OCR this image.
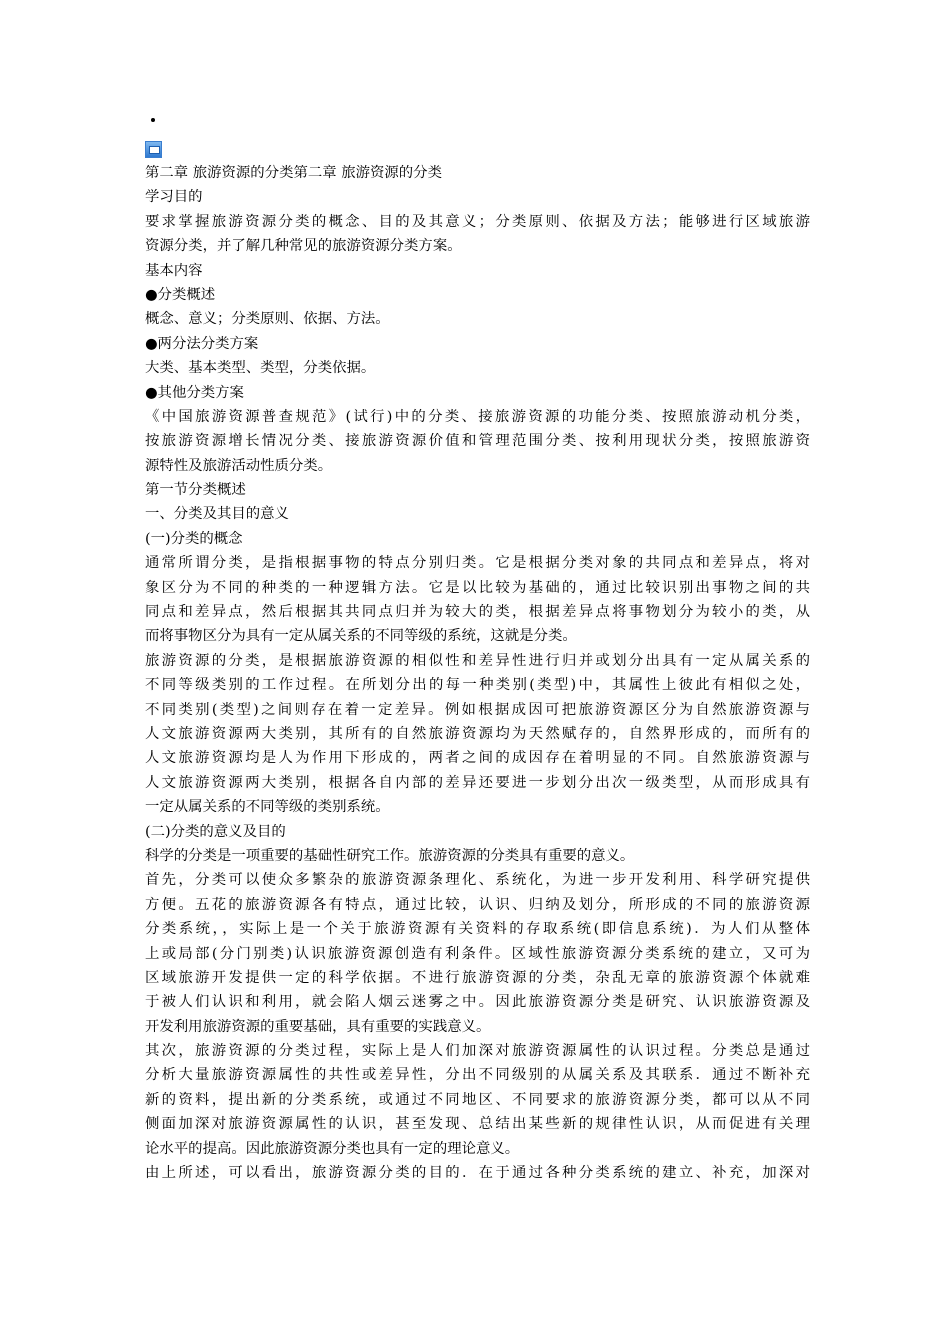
第二章 旅游资源的分类第二章 旅游资源的分类
学习目的
要求掌握旅游资源分类的概念、目的及其意义；分类原则、依据及方法；能够进行区域旅游
资源分类，并了解几种常见的旅游资源分类方案。
基本内容
●分类概述
概念、意义；分类原则、依据、方法。
●两分法分类方案
大类、基本类型、类型，分类依据。
●其他分类方案
《中国旅游资源普查规范》(试行)中的分类、接旅游资源的功能分类、按照旅游动机分类，
按旅游资源增长情况分类、接旅游资源价值和管理范围分类、按利用现状分类，按照旅游资
源特性及旅游活动性质分类。
第一节分类概述
一、分类及其目的意义
(一)分类的概念
通常所谓分类，是指根据事物的特点分别归类。它是根据分类对象的共同点和差异点，将对
象区分为不同的种类的一种逻辑方法。它是以比较为基础的，通过比较识别出事物之间的共
同点和差异点，然后根据其共同点归并为较大的类，根据差异点将事物划分为较小的类，从
而将事物区分为具有一定从属关系的不同等级的系统，这就是分类。
旅游资源的分类，是根据旅游资源的相似性和差异性进行归并或划分出具有一定从属关系的
不同等级类别的工作过程。在所划分出的每一种类别(类型)中，其属性上彼此有相似之处，
不同类别(类型)之间则存在着一定差异。例如根据成因可把旅游资源区分为自然旅游资源与
人文旅游资源两大类别，其所有的自然旅游资源均为天然赋存的，自然界形成的，而所有的
人文旅游资源均是人为作用下形成的，两者之间的成因存在着明显的不同。自然旅游资源与
人文旅游资源两大类别，根据各自内部的差异还要进一步划分出次一级类型，从而形成具有
一定从属关系的不同等级的类别系统。
(二)分类的意义及目的
科学的分类是一项重要的基础性研究工作。旅游资源的分类具有重要的意义。
首先，分类可以使众多繁杂的旅游资源条理化、系统化，为进一步开发利用、科学研究提供
方便。五花的旅游资源各有特点，通过比较，认识、归纳及划分，所形成的不同的旅游资源
分类系统，，实际上是一个关于旅游资源有关资料的存取系统(即信息系统)．为人们从整体
上或局部(分门别类)认识旅游资源创造有利条件。区域性旅游资源分类系统的建立，又可为
区域旅游开发提供一定的科学依据。不进行旅游资源的分类，杂乱无章的旅游资源个体就难
于被人们认识和利用，就会陷人烟云迷雾之中。因此旅游资源分类是研究、认识旅游资源及
开发利用旅游资源的重要基础，具有重要的实践意义。
其次，旅游资源的分类过程，实际上是人们加深对旅游资源属性的认识过程。分类总是通过
分析大量旅游资源属性的共性或差异性，分出不同级别的从属关系及其联系．通过不断补充
新的资料，提出新的分类系统，或通过不同地区、不同要求的旅游资源分类，都可以从不同
侧面加深对旅游资源属性的认识，甚至发现、总结出某些新的规律性认识，从而促进有关理
论水平的提高。因此旅游资源分类也具有一定的理论意义。
由上所述，可以看出，旅游资源分类的目的．在于通过各种分类系统的建立、补充，加深对
